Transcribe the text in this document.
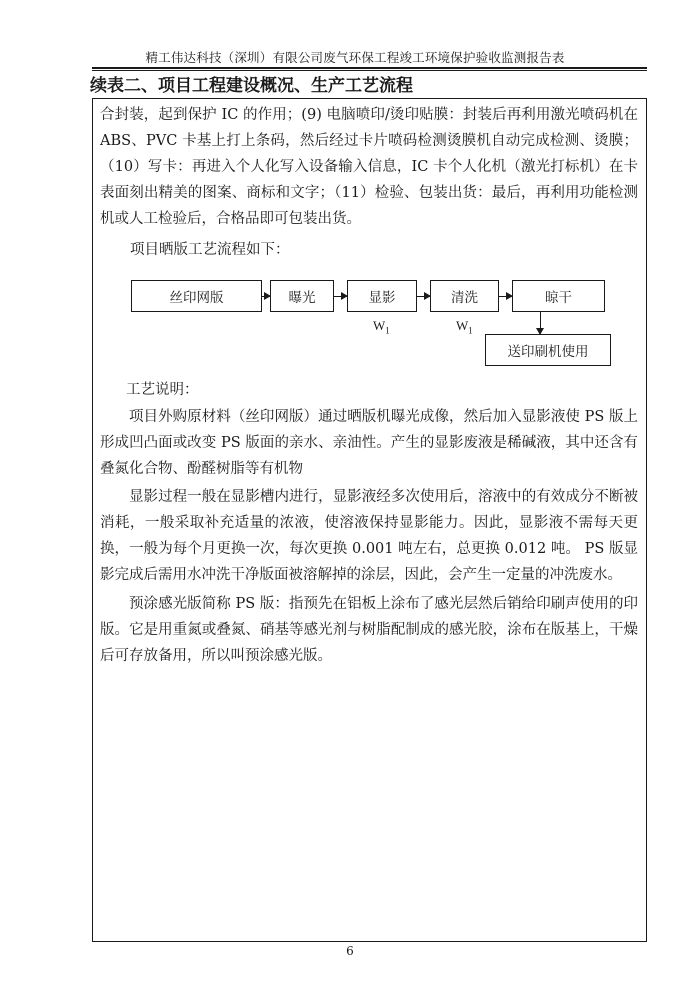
精工伟达科技（深圳）有限公司废气环保工程竣工环境保护验收监测报告表
续表二、项目工程建设概况、生产工艺流程

合封装，起到保护 IC 的作用；(9) 电脑喷印/烫印贴膜：封装后再利用激光喷码机在 ABS、PVC 卡基上打上条码，然后经过卡片喷码检测烫膜机自动完成检测、烫膜；（10）写卡：再进入个人化写入设备输入信息，IC 卡个人化机（激光打标机）在卡表面刻出精美的图案、商标和文字；（11）检验、包装出货：最后，再利用功能检测机或人工检验后，合格品即可包装出货。

项目晒版工艺流程如下：
丝印网版	曝光	显影	清洗	晾干
送印刷机使用
$W_1$	$W_1$
工艺说明：

项目外购原材料（丝印网版）通过晒版机曝光成像，然后加入显影液使 PS 版上形成凹凸面或改变 PS 版面的亲水、亲油性。产生的显影废液是稀碱液，其中还含有叠氮化合物、酚醛树脂等有机物

显影过程一般在显影槽内进行，显影液经多次使用后，溶液中的有效成分不断被消耗，一般采取补充适量的浓液，使溶液保持显影能力。因此，显影液不需每天更换，一般为每个月更换一次，每次更换 0.001 吨左右，总更换 0.012 吨。 PS 版显影完成后需用水冲洗干净版面被溶解掉的涂层，因此，会产生一定量的冲洗废水。

预涂感光版简称 PS 版：指预先在铝板上涂布了感光层然后销给印刷声使用的印版。它是用重氮或叠氮、硝基等感光剂与树脂配制成的感光胶，涂布在版基上，干燥后可存放备用，所以叫预涂感光版。

6
